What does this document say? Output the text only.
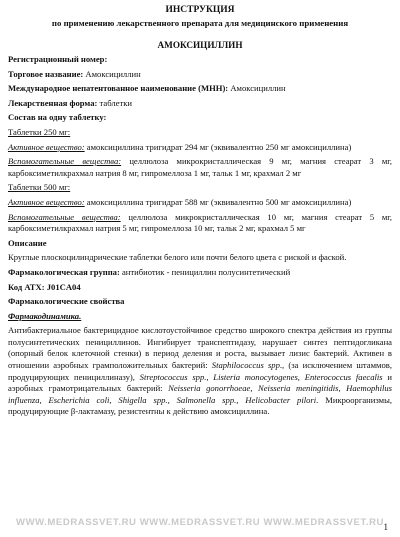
ИНСТРУКЦИЯ

по применению лекарственного препарата для медицинского применения

АМОКСИЦИЛЛИН

Регистрационный номер:

Торговое название: Амоксициллин

Международное непатентованное наименование (МНН): Амоксициллин

Лекарственная форма: таблетки

Состав на одну таблетку:

Таблетки 250 мг:

Активное вещество: амоксициллина тригидрат 294 мг (эквивалентно 250 мг амоксициллина)

Вспомогательные вещества: целлюлоза микрокристаллическая 9 мг, магния стеарат 3 мг, карбоксиметилкрахмал натрия 8 мг, гипромеллоза 1 мг, тальк 1 мг, крахмал 2 мг

Таблетки 500 мг:

Активное вещество: амоксициллина тригидрат 588 мг (эквивалентно 500 мг амоксициллина)

Вспомогательные вещества: целлюлоза микрокристаллическая 10 мг, магния стеарат 5 мг, карбоксиметилкрахмал натрия 5 мг, гипромеллоза 10 мг, тальк 2 мг, крахмал 5 мг

Описание

Круглые плоскоцилиндрические таблетки белого или почти белого цвета с риской и фаской.

Фармакологическая группа: антибиотик - пенициллин полусинтетический

Код АТХ: J01CA04

Фармакологические свойства

Фармакодинамика.

Антибактериальное бактерицидное кислотоустойчивое средство широкого спектра действия из группы полусинтетических пенициллинов. Ингибирует транспептидазу, нарушает синтез пептидогликана (опорный белок клеточной стенки) в период деления и роста, вызывает лизис бактерий. Активен в отношении аэробных грамположительных бактерий: Staphilococcus spp., (за исключением штаммов, продуцирующих пенициллиназу), Streptococcus spp., Listeria monocytogenes, Enterococcus faecalis и аэробных грамотрицательных бактерий: Neisseria gonorrhoeae, Neisseria meningitidis, Haemophilus influenza, Escherichia coli, Shigella spp., Salmonella spp., Helicobacter pilori. Микроорганизмы, продуцирующие β-лактамазу, резистентны к действию амоксициллина.

WWW.MEDRASSVET.RU WWW.MEDRASSVET.RU WWW.MEDRASSVET.RU 1
